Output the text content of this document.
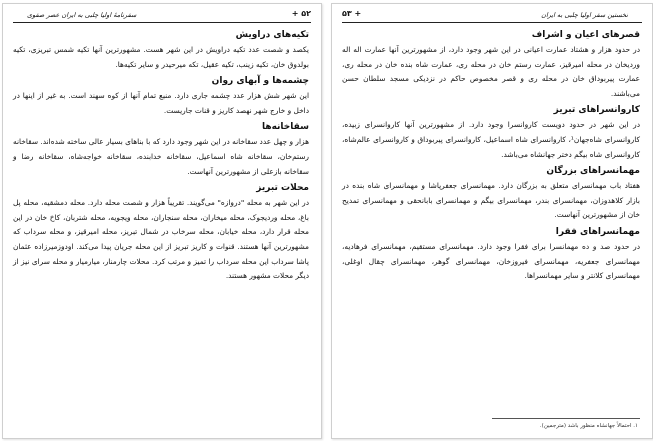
+ ۵۲
سفرنامهٔ اولیا چلبی به ایران عصر صفوی
تکیه‌های دراویش

یکصد و شصت عدد تکیه دراویش در این شهر هست. مشهورترین آنها تکیه شمس تبریزی، تکیه بولدوق خان، تکیه زینب، تکیه عقیل، تکه میرحیدر و سایر تکیه‌ها.

چشمه‌ها و آبهای روان

این شهر شش هزار عدد چشمه جاری دارد. منبع تمام آنها از کوه سهند است. به غیر از اینها در داخل و خارج شهر نهصد کاریز و قنات جاریست.

سقاخانه‌ها

هزار و چهل عدد سقاخانه در این شهر وجود دارد که با بناهای بسیار عالی ساخته شده‌اند. سقاخانه رستم‌خان، سقاخانه شاه اسماعیل، سقاخانه خدابنده، سقاخانه خواجه‌شاه، سقاخانه رضا و سقاخانه بازعلی از مشهورترین آنهاست.

محلات تبریز

در این شهر به محله "دروازه" می‌گویند. تقریباً هزار و شصت محله دارد. محله دمشقیه، محله پل باغ، محله وردیجوک، محله میخاران، محله سنجاران، محله ویجویه، محله شتربان، کاخ خان در این محله قرار دارد، محله خیابان، محله سرخاب در شمال تبریز، محله امیرقیز، و محله سرداب که مشهورترین آنها هستند. قنوات و کاریز تبریز از این محله جریان پیدا می‌کند. اودوزمیرزاده عثمان پاشا سرداب این محله سرداب را تمیز و مرتب کرد. محلات چارمنار، میارمیار و محله سرای نیز از دیگر محلات مشهور هستند.

نخستین سفر اولیا چلبی به ایران
۵۳ +
قصرهای اعیان و اشراف

در حدود هزار و هشتاد عمارت اعیانی در این شهر وجود دارد، از مشهورترین آنها عمارت اله اله وردیخان در محله امیرقیز، عمارت رستم خان در محله ری، عمارت شاه بنده خان در محله ری، عمارت پیربوداق خان در محله ری و قصر مخصوص حاکم در نزدیکی مسجد سلطان حسن می‌باشند.

کاروانسراهای تبریز

در این شهر در حدود دویست کاروانسرا وجود دارد. از مشهورترین آنها کاروانسرای زبیده، کاروانسرای شاه‌جهان¹، کاروانسرای شاه اسماعیل، کاروانسرای پیربوداق و کاروانسرای عالم‌شاه، کاروانسرای شاه بیگم دختر جهانشاه می‌باشد.

مهمانسراهای بزرگان

هفتاد باب مهمانسرای متعلق به بزرگان دارد. مهمانسرای جعفرپاشا و مهمانسرای شاه بنده در بازار کلاهدوزان، مهمانسرای بندر، مهمانسرای بیگم و مهمانسرای بابانحقی و مهمانسرای تمدیح خان از مشهورترین آنهاست.

مهمانسراهای فقرا

در حدود صد و ده مهمانسرا برای فقرا وجود دارد. مهمانسرای مستقیم، مهمانسرای فرهادیه، مهمانسرای جعفریه، مهمانسرای فیروزخان، مهمانسرای گوهر، مهمانسرای چقال اوغلی، مهمانسرای کلانتر و سایر مهمانسراها.

۱. احتمالاً جهانشاه منظور باشد (مترجمین).
